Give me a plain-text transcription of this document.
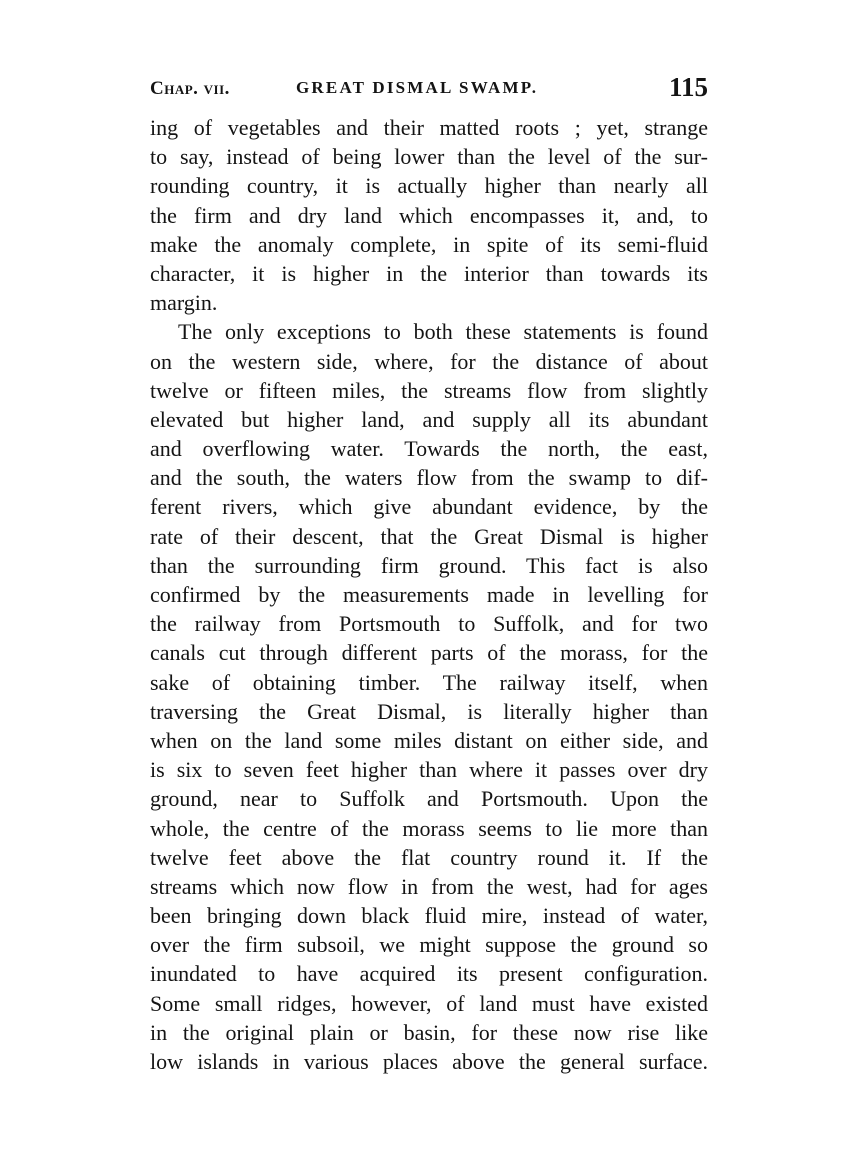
Chap. vii.	GREAT DISMAL SWAMP.	115
ing of vegetables and their matted roots ; yet, strange
to say, instead of being lower than the level of the sur-
rounding country, it is actually higher than nearly all
the firm and dry land which encompasses it, and, to
make the anomaly complete, in spite of its semi-fluid
character, it is higher in the interior than towards its
margin.
The only exceptions to both these statements is found
on the western side, where, for the distance of about
twelve or fifteen miles, the streams flow from slightly
elevated but higher land, and supply all its abundant
and overflowing water. Towards the north, the east,
and the south, the waters flow from the swamp to dif-
ferent rivers, which give abundant evidence, by the
rate of their descent, that the Great Dismal is higher
than the surrounding firm ground. This fact is also
confirmed by the measurements made in levelling for
the railway from Portsmouth to Suffolk, and for two
canals cut through different parts of the morass, for the
sake of obtaining timber. The railway itself, when
traversing the Great Dismal, is literally higher than
when on the land some miles distant on either side, and
is six to seven feet higher than where it passes over dry
ground, near to Suffolk and Portsmouth. Upon the
whole, the centre of the morass seems to lie more than
twelve feet above the flat country round it. If the
streams which now flow in from the west, had for ages
been bringing down black fluid mire, instead of water,
over the firm subsoil, we might suppose the ground so
inundated to have acquired its present configuration.
Some small ridges, however, of land must have existed
in the original plain or basin, for these now rise like
low islands in various places above the general surface.
